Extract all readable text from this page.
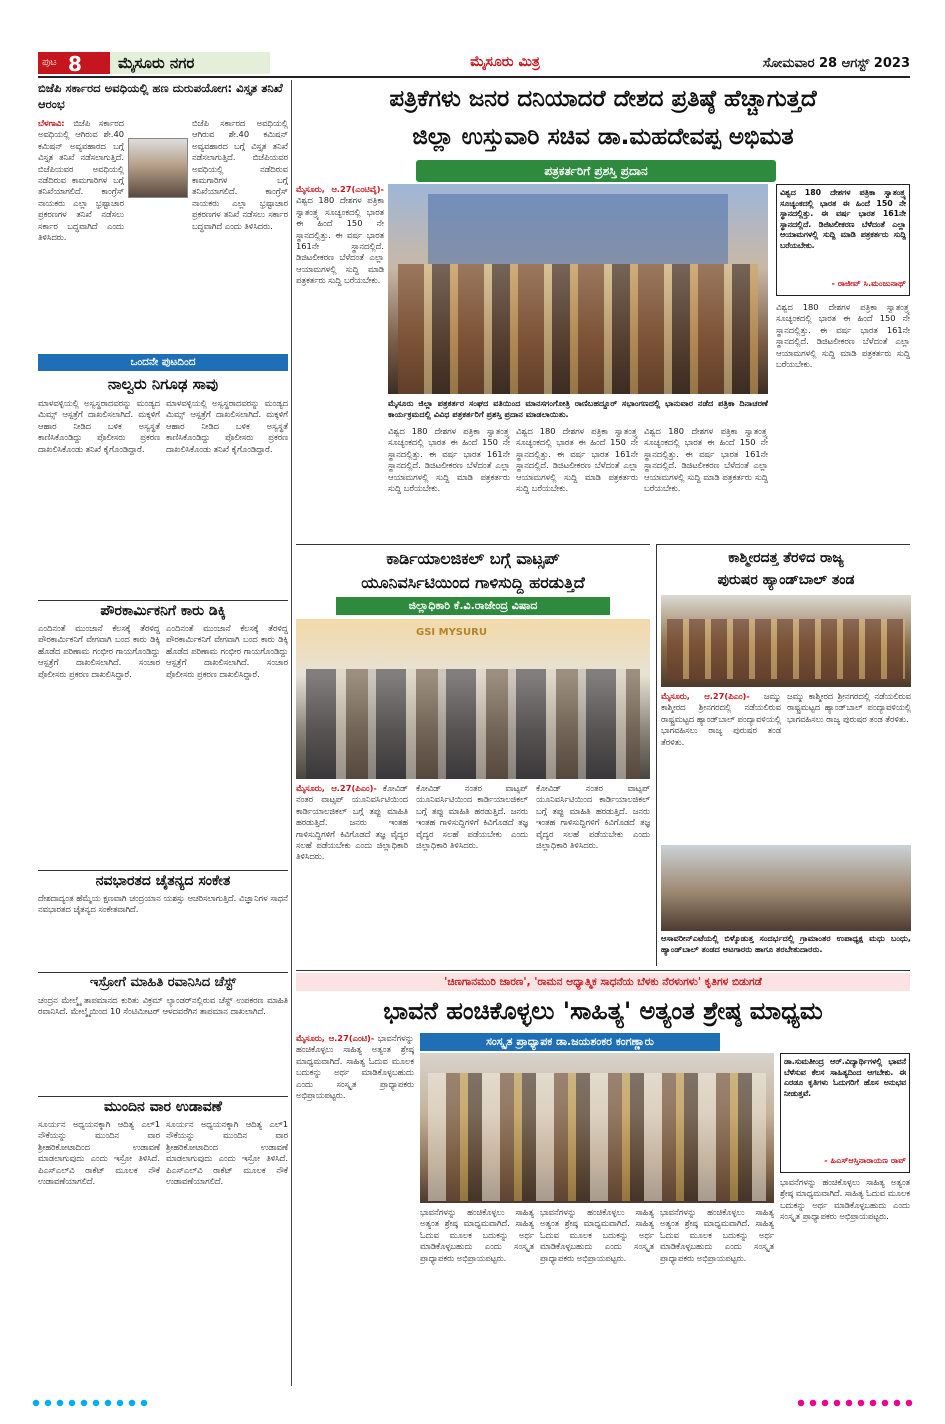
ಪುಟ 8 ಮೈಸೂರು ನಗರ	ಮೈಸೂರು ಮಿತ್ರ	ಸೋಮವಾರ 28 ಆಗಸ್ಟ್ 2023
ಬಿಜೆಪಿ ಸರ್ಕಾರದ ಅವಧಿಯಲ್ಲಿ ಹಣ ದುರುಪಯೋಗ: ವಿಸ್ತೃತ ತನಿಖೆ ಆರಂಭ
ಬೆಳಗಾವಿ: ಬಿಜೆಪಿ ಸರ್ಕಾರದ ಅವಧಿಯಲ್ಲಿ ಆಗಿರುವ ಶೇ.40 ಕಮಿಷನ್ ಅವ್ಯವಹಾರದ ಬಗ್ಗೆ ವಿಸ್ತೃತ ತನಿಖೆ ನಡೆಸಲಾಗುತ್ತಿದೆ. ಬಿಜೆಪಿಯವರ ಅವಧಿಯಲ್ಲಿ ನಡೆದಿರುವ ಕಾಮಗಾರಿಗಳ ಬಗ್ಗೆ ತನಿಖೆಯಾಗಲಿದೆ. ಕಾಂಗ್ರೆಸ್ ನಾಯಕರು ಎಲ್ಲಾ ಭ್ರಷ್ಟಾಚಾರ ಪ್ರಕರಣಗಳ ತನಿಖೆ ನಡೆಸಲು ಸರ್ಕಾರ ಬದ್ಧವಾಗಿದೆ ಎಂದು ತಿಳಿಸಿದರು.
ಬಿಜೆಪಿ ಸರ್ಕಾರದ ಅವಧಿಯಲ್ಲಿ ಆಗಿರುವ ಶೇ.40 ಕಮಿಷನ್ ಅವ್ಯವಹಾರದ ಬಗ್ಗೆ ವಿಸ್ತೃತ ತನಿಖೆ ನಡೆಸಲಾಗುತ್ತಿದೆ. ಬಿಜೆಪಿಯವರ ಅವಧಿಯಲ್ಲಿ ನಡೆದಿರುವ ಕಾಮಗಾರಿಗಳ ಬಗ್ಗೆ ತನಿಖೆಯಾಗಲಿದೆ. ಕಾಂಗ್ರೆಸ್ ನಾಯಕರು ಎಲ್ಲಾ ಭ್ರಷ್ಟಾಚಾರ ಪ್ರಕರಣಗಳ ತನಿಖೆ ನಡೆಸಲು ಸರ್ಕಾರ ಬದ್ಧವಾಗಿದೆ ಎಂದು ತಿಳಿಸಿದರು.
ಒಂದನೇ ಪುಟದಿಂದ
ನಾಲ್ವರು ನಿಗೂಢ ಸಾವು
ಮಾಳವಳ್ಳಿಯಲ್ಲಿ ಅಸ್ವಸ್ಥರಾದವರನ್ನು ಮಂಡ್ಯದ ಮಿಮ್ಸ್ ಆಸ್ಪತ್ರೆಗೆ ದಾಖಲಿಸಲಾಗಿದೆ. ಮಕ್ಕಳಿಗೆ ಆಹಾರ ನೀಡಿದ ಬಳಿಕ ಅಸ್ವಸ್ಥತೆ ಕಾಣಿಸಿಕೊಂಡಿದ್ದು ಪೊಲೀಸರು ಪ್ರಕರಣ ದಾಖಲಿಸಿಕೊಂಡು ತನಿಖೆ ಕೈಗೊಂಡಿದ್ದಾರೆ.
ಮಾಳವಳ್ಳಿಯಲ್ಲಿ ಅಸ್ವಸ್ಥರಾದವರನ್ನು ಮಂಡ್ಯದ ಮಿಮ್ಸ್ ಆಸ್ಪತ್ರೆಗೆ ದಾಖಲಿಸಲಾಗಿದೆ. ಮಕ್ಕಳಿಗೆ ಆಹಾರ ನೀಡಿದ ಬಳಿಕ ಅಸ್ವಸ್ಥತೆ ಕಾಣಿಸಿಕೊಂಡಿದ್ದು ಪೊಲೀಸರು ಪ್ರಕರಣ ದಾಖಲಿಸಿಕೊಂಡು ತನಿಖೆ ಕೈಗೊಂಡಿದ್ದಾರೆ.
ಪೌರಕಾರ್ಮಿಕನಿಗೆ ಕಾರು ಡಿಕ್ಕಿ
ಎಂದಿನಂತೆ ಮುಂಜಾನೆ ಕೆಲಸಕ್ಕೆ ತೆರಳಿದ್ದ ಪೌರಕಾರ್ಮಿಕನಿಗೆ ವೇಗವಾಗಿ ಬಂದ ಕಾರು ಡಿಕ್ಕಿ ಹೊಡೆದ ಪರಿಣಾಮ ಗಂಭೀರ ಗಾಯಗೊಂಡಿದ್ದು ಆಸ್ಪತ್ರೆಗೆ ದಾಖಲಿಸಲಾಗಿದೆ. ಸಂಚಾರ ಪೊಲೀಸರು ಪ್ರಕರಣ ದಾಖಲಿಸಿದ್ದಾರೆ.
ಎಂದಿನಂತೆ ಮುಂಜಾನೆ ಕೆಲಸಕ್ಕೆ ತೆರಳಿದ್ದ ಪೌರಕಾರ್ಮಿಕನಿಗೆ ವೇಗವಾಗಿ ಬಂದ ಕಾರು ಡಿಕ್ಕಿ ಹೊಡೆದ ಪರಿಣಾಮ ಗಂಭೀರ ಗಾಯಗೊಂಡಿದ್ದು ಆಸ್ಪತ್ರೆಗೆ ದಾಖಲಿಸಲಾಗಿದೆ. ಸಂಚಾರ ಪೊಲೀಸರು ಪ್ರಕರಣ ದಾಖಲಿಸಿದ್ದಾರೆ.
ನವಭಾರತದ ಚೈತನ್ಯದ ಸಂಕೇತ
ದೇಶದಾದ್ಯಂತ ಹೆಮ್ಮೆಯ ಕ್ಷಣವಾಗಿ ಚಂದ್ರಯಾನ ಯಶಸ್ಸು ಆಚರಿಸಲಾಗುತ್ತಿದೆ. ವಿಜ್ಞಾನಿಗಳ ಸಾಧನೆ ನವಭಾರತದ ಚೈತನ್ಯದ ಸಂಕೇತವಾಗಿದೆ.
ಇಸ್ರೋಗೆ ಮಾಹಿತಿ ರವಾನಿಸಿದ ಚೆಸ್ಟ್
ಚಂದ್ರನ ಮೇಲ್ಮೈ ತಾಪಮಾನದ ಕುರಿತು ವಿಕ್ರಮ್ ಲ್ಯಾಂಡರ್‌ನಲ್ಲಿರುವ ಚೆಸ್ಟ್ ಉಪಕರಣ ಮಾಹಿತಿ ರವಾನಿಸಿದೆ. ಮೇಲ್ಮೈಯಿಂದ 10 ಸೆಂಟಿಮೀಟರ್ ಆಳದವರೆಗಿನ ತಾಪಮಾನ ದಾಖಲಾಗಿದೆ.
ಮುಂದಿನ ವಾರ ಉಡಾವಣೆ
ಸೂರ್ಯನ ಅಧ್ಯಯನಕ್ಕಾಗಿ ಆದಿತ್ಯ ಎಲ್1 ನೌಕೆಯನ್ನು ಮುಂದಿನ ವಾರ ಶ್ರೀಹರಿಕೋಟಾದಿಂದ ಉಡಾವಣೆ ಮಾಡಲಾಗುವುದು ಎಂದು ಇಸ್ರೋ ತಿಳಿಸಿದೆ. ಪಿಎಸ್ಎಲ್‌ವಿ ರಾಕೆಟ್ ಮೂಲಕ ನೌಕೆ ಉಡಾವಣೆಯಾಗಲಿದೆ.
ಸೂರ್ಯನ ಅಧ್ಯಯನಕ್ಕಾಗಿ ಆದಿತ್ಯ ಎಲ್1 ನೌಕೆಯನ್ನು ಮುಂದಿನ ವಾರ ಶ್ರೀಹರಿಕೋಟಾದಿಂದ ಉಡಾವಣೆ ಮಾಡಲಾಗುವುದು ಎಂದು ಇಸ್ರೋ ತಿಳಿಸಿದೆ. ಪಿಎಸ್ಎಲ್‌ವಿ ರಾಕೆಟ್ ಮೂಲಕ ನೌಕೆ ಉಡಾವಣೆಯಾಗಲಿದೆ.
ಪತ್ರಿಕೆಗಳು ಜನರ ದನಿಯಾದರೆ ದೇಶದ ಪ್ರತಿಷ್ಠೆ ಹೆಚ್ಚಾಗುತ್ತದೆ
ಜಿಲ್ಲಾ ಉಸ್ತುವಾರಿ ಸಚಿವ ಡಾ.ಮಹದೇವಪ್ಪ ಅಭಿಮತ
ಪತ್ರಕರ್ತರಿಗೆ ಪ್ರಶಸ್ತಿ ಪ್ರದಾನ
ವಿಶ್ವದ 180 ದೇಶಗಳ ಪತ್ರಿಕಾ ಸ್ವಾತಂತ್ರ್ಯ ಸೂಚ್ಯಂಕದಲ್ಲಿ ಭಾರತ ಈ ಹಿಂದೆ 150 ನೇ ಸ್ಥಾನದಲ್ಲಿತ್ತು. ಈ ವರ್ಷ ಭಾರತ 161ನೇ ಸ್ಥಾನದಲ್ಲಿದೆ. ಡಿಜಿಟಲೀಕರಣ ಬೆಳೆದಂತೆ ಎಲ್ಲಾ ಆಯಾಮಗಳಲ್ಲಿ ಸುದ್ದಿ ಮಾಡಿ ಪತ್ರಕರ್ತರು ಸುದ್ದಿ ಬರೆಯಬೇಕು.
- ರಾಜೀವ್ ಸಿ.ಮಂಜುನಾಥ್
ಮೈಸೂರು, ಆ.27(ಎಂಟಿವೈ)- ವಿಶ್ವದ 180 ದೇಶಗಳ ಪತ್ರಿಕಾ ಸ್ವಾತಂತ್ರ್ಯ ಸೂಚ್ಯಂಕದಲ್ಲಿ ಭಾರತ ಈ ಹಿಂದೆ 150 ನೇ ಸ್ಥಾನದಲ್ಲಿತ್ತು. ಈ ವರ್ಷ ಭಾರತ 161ನೇ ಸ್ಥಾನದಲ್ಲಿದೆ. ಡಿಜಿಟಲೀಕರಣ ಬೆಳೆದಂತೆ ಎಲ್ಲಾ ಆಯಾಮಗಳಲ್ಲಿ ಸುದ್ದಿ ಮಾಡಿ ಪತ್ರಕರ್ತರು ಸುದ್ದಿ ಬರೆಯಬೇಕು.
ಮೈಸೂರು ಜಿಲ್ಲಾ ಪತ್ರಕರ್ತರ ಸಂಘದ ವತಿಯಿಂದ ಮಾನಸಗಂಗೋತ್ರಿ ರಾಣಿಬಹದ್ದೂರ್ ಸಭಾಂಗಣದಲ್ಲಿ ಭಾನುವಾರ ನಡೆದ ಪತ್ರಿಕಾ ದಿನಾಚರಣೆ ಕಾರ್ಯಕ್ರಮದಲ್ಲಿ ವಿವಿಧ ಪತ್ರಕರ್ತರಿಗೆ ಪ್ರಶಸ್ತಿ ಪ್ರದಾನ ಮಾಡಲಾಯಿತು.
ವಿಶ್ವದ 180 ದೇಶಗಳ ಪತ್ರಿಕಾ ಸ್ವಾತಂತ್ರ್ಯ ಸೂಚ್ಯಂಕದಲ್ಲಿ ಭಾರತ ಈ ಹಿಂದೆ 150 ನೇ ಸ್ಥಾನದಲ್ಲಿತ್ತು. ಈ ವರ್ಷ ಭಾರತ 161ನೇ ಸ್ಥಾನದಲ್ಲಿದೆ. ಡಿಜಿಟಲೀಕರಣ ಬೆಳೆದಂತೆ ಎಲ್ಲಾ ಆಯಾಮಗಳಲ್ಲಿ ಸುದ್ದಿ ಮಾಡಿ ಪತ್ರಕರ್ತರು ಸುದ್ದಿ ಬರೆಯಬೇಕು.
ವಿಶ್ವದ 180 ದೇಶಗಳ ಪತ್ರಿಕಾ ಸ್ವಾತಂತ್ರ್ಯ ಸೂಚ್ಯಂಕದಲ್ಲಿ ಭಾರತ ಈ ಹಿಂದೆ 150 ನೇ ಸ್ಥಾನದಲ್ಲಿತ್ತು. ಈ ವರ್ಷ ಭಾರತ 161ನೇ ಸ್ಥಾನದಲ್ಲಿದೆ. ಡಿಜಿಟಲೀಕರಣ ಬೆಳೆದಂತೆ ಎಲ್ಲಾ ಆಯಾಮಗಳಲ್ಲಿ ಸುದ್ದಿ ಮಾಡಿ ಪತ್ರಕರ್ತರು ಸುದ್ದಿ ಬರೆಯಬೇಕು.
ವಿಶ್ವದ 180 ದೇಶಗಳ ಪತ್ರಿಕಾ ಸ್ವಾತಂತ್ರ್ಯ ಸೂಚ್ಯಂಕದಲ್ಲಿ ಭಾರತ ಈ ಹಿಂದೆ 150 ನೇ ಸ್ಥಾನದಲ್ಲಿತ್ತು. ಈ ವರ್ಷ ಭಾರತ 161ನೇ ಸ್ಥಾನದಲ್ಲಿದೆ. ಡಿಜಿಟಲೀಕರಣ ಬೆಳೆದಂತೆ ಎಲ್ಲಾ ಆಯಾಮಗಳಲ್ಲಿ ಸುದ್ದಿ ಮಾಡಿ ಪತ್ರಕರ್ತರು ಸುದ್ದಿ ಬರೆಯಬೇಕು.
ವಿಶ್ವದ 180 ದೇಶಗಳ ಪತ್ರಿಕಾ ಸ್ವಾತಂತ್ರ್ಯ ಸೂಚ್ಯಂಕದಲ್ಲಿ ಭಾರತ ಈ ಹಿಂದೆ 150 ನೇ ಸ್ಥಾನದಲ್ಲಿತ್ತು. ಈ ವರ್ಷ ಭಾರತ 161ನೇ ಸ್ಥಾನದಲ್ಲಿದೆ. ಡಿಜಿಟಲೀಕರಣ ಬೆಳೆದಂತೆ ಎಲ್ಲಾ ಆಯಾಮಗಳಲ್ಲಿ ಸುದ್ದಿ ಮಾಡಿ ಪತ್ರಕರ್ತರು ಸುದ್ದಿ ಬರೆಯಬೇಕು.
ಕಾರ್ಡಿಯಾಲಜಿಕಲ್ ಬಗ್ಗೆ ವಾಟ್ಸಪ್
ಯೂನಿವರ್ಸಿಟಿಯಿಂದ ಗಾಳಿಸುದ್ದಿ ಹರಡುತ್ತಿದೆ
ಜಿಲ್ಲಾಧಿಕಾರಿ ಕೆ.ವಿ.ರಾಜೇಂದ್ರ ವಿಷಾದ
GSI MYSURU
ಮೈಸೂರು, ಆ.27(ಪಿಎಂ)- ಕೋವಿಡ್ ನಂತರ ವಾಟ್ಸಪ್ ಯೂನಿವರ್ಸಿಟಿಯಿಂದ ಕಾರ್ಡಿಯಾಲಜಿಕಲ್ ಬಗ್ಗೆ ತಪ್ಪು ಮಾಹಿತಿ ಹರಡುತ್ತಿದೆ. ಜನರು ಇಂತಹ ಗಾಳಿಸುದ್ದಿಗಳಿಗೆ ಕಿವಿಗೊಡದೆ ತಜ್ಞ ವೈದ್ಯರ ಸಲಹೆ ಪಡೆಯಬೇಕು ಎಂದು ಜಿಲ್ಲಾಧಿಕಾರಿ ತಿಳಿಸಿದರು.
ಕೋವಿಡ್ ನಂತರ ವಾಟ್ಸಪ್ ಯೂನಿವರ್ಸಿಟಿಯಿಂದ ಕಾರ್ಡಿಯಾಲಜಿಕಲ್ ಬಗ್ಗೆ ತಪ್ಪು ಮಾಹಿತಿ ಹರಡುತ್ತಿದೆ. ಜನರು ಇಂತಹ ಗಾಳಿಸುದ್ದಿಗಳಿಗೆ ಕಿವಿಗೊಡದೆ ತಜ್ಞ ವೈದ್ಯರ ಸಲಹೆ ಪಡೆಯಬೇಕು ಎಂದು ಜಿಲ್ಲಾಧಿಕಾರಿ ತಿಳಿಸಿದರು.
ಕೋವಿಡ್ ನಂತರ ವಾಟ್ಸಪ್ ಯೂನಿವರ್ಸಿಟಿಯಿಂದ ಕಾರ್ಡಿಯಾಲಜಿಕಲ್ ಬಗ್ಗೆ ತಪ್ಪು ಮಾಹಿತಿ ಹರಡುತ್ತಿದೆ. ಜನರು ಇಂತಹ ಗಾಳಿಸುದ್ದಿಗಳಿಗೆ ಕಿವಿಗೊಡದೆ ತಜ್ಞ ವೈದ್ಯರ ಸಲಹೆ ಪಡೆಯಬೇಕು ಎಂದು ಜಿಲ್ಲಾಧಿಕಾರಿ ತಿಳಿಸಿದರು.
ಕಾಶ್ಮೀರದತ್ತ ತೆರಳಿದ ರಾಜ್ಯ
ಪುರುಷರ ಹ್ಯಾಂಡ್‌ಬಾಲ್ ತಂಡ
ಮೈಸೂರು, ಆ.27(ಪಿಎಂ)- ಜಮ್ಮು ಕಾಶ್ಮೀರದ ಶ್ರೀನಗರದಲ್ಲಿ ನಡೆಯಲಿರುವ ರಾಷ್ಟ್ರಮಟ್ಟದ ಹ್ಯಾಂಡ್‌ಬಾಲ್ ಪಂದ್ಯಾವಳಿಯಲ್ಲಿ ಭಾಗವಹಿಸಲು ರಾಜ್ಯ ಪುರುಷರ ತಂಡ ತೆರಳಿತು.
ಜಮ್ಮು ಕಾಶ್ಮೀರದ ಶ್ರೀನಗರದಲ್ಲಿ ನಡೆಯಲಿರುವ ರಾಷ್ಟ್ರಮಟ್ಟದ ಹ್ಯಾಂಡ್‌ಬಾಲ್ ಪಂದ್ಯಾವಳಿಯಲ್ಲಿ ಭಾಗವಹಿಸಲು ರಾಜ್ಯ ಪುರುಷರ ತಂಡ ತೆರಳಿತು.
ಆಸಾವರೀನ್‌ಎಟೆಯಲ್ಲಿ ಬಿಳ್ಕೊಡುತ್ತ ಸಂದರ್ಭದಲ್ಲಿ ಗ್ರಾಮಾಂತರ ಉಪಾಧ್ಯಕ್ಷ ಮಧು ಬಂಧು, ಹ್ಯಾಂಡ್‌ಬಾಲ್ ತಂಡದ ಆಟಗಾರರು ಹಾಗೂ ತರಬೇತುದಾರರು.
'ಚಿಣಗಾನಮುರಿ ಜಾರಣ', 'ರಾಮನ ಆಧ್ಯಾತ್ಮಿಕ ಸಾಧನೆಯ ಬೆಳಕು ನೆರಳುಗಳು' ಕೃತಿಗಳ ಬಿಡುಗಡೆ
ಭಾವನೆ ಹಂಚಿಕೊಳ್ಳಲು 'ಸಾಹಿತ್ಯ' ಅತ್ಯಂತ ಶ್ರೇಷ್ಠ ಮಾಧ್ಯಮ
ಸಂಸ್ಕೃತ ಪ್ರಾಧ್ಯಾಪಕ ಡಾ.ಜಯಶಂಕರ ಕಂಗಣ್ಣಾರು
ಮೈಸೂರು, ಆ.27(ಎಂಟಿ)- ಭಾವನೆಗಳನ್ನು ಹಂಚಿಕೊಳ್ಳಲು ಸಾಹಿತ್ಯ ಅತ್ಯಂತ ಶ್ರೇಷ್ಠ ಮಾಧ್ಯಮವಾಗಿದೆ. ಸಾಹಿತ್ಯ ಓದುವ ಮೂಲಕ ಬದುಕನ್ನು ಅರ್ಥ ಮಾಡಿಕೊಳ್ಳಬಹುದು ಎಂದು ಸಂಸ್ಕೃತ ಪ್ರಾಧ್ಯಾಪಕರು ಅಭಿಪ್ರಾಯಪಟ್ಟರು.
ಡಾ.ಸುಮತೀಂದ್ರ ಆರ್.ವಿದ್ಯಾರ್ಥಿಗಳಲ್ಲಿ ಭಾವನೆ ಬೆಳೆಸುವ ಕೆಲಸ ಸಾಹಿತ್ಯದಿಂದ ಆಗಬೇಕು. ಈ ಎರಡೂ ಕೃತಿಗಳು ಓದುಗರಿಗೆ ಹೊಸ ಅನುಭವ ನೀಡುತ್ತವೆ.
- ಹಿಎಸ್‌ಆಸ್ತಿನಾರಾಯಣ ರಾವ್
ಭಾವನೆಗಳನ್ನು ಹಂಚಿಕೊಳ್ಳಲು ಸಾಹಿತ್ಯ ಅತ್ಯಂತ ಶ್ರೇಷ್ಠ ಮಾಧ್ಯಮವಾಗಿದೆ. ಸಾಹಿತ್ಯ ಓದುವ ಮೂಲಕ ಬದುಕನ್ನು ಅರ್ಥ ಮಾಡಿಕೊಳ್ಳಬಹುದು ಎಂದು ಸಂಸ್ಕೃತ ಪ್ರಾಧ್ಯಾಪಕರು ಅಭಿಪ್ರಾಯಪಟ್ಟರು.
ಭಾವನೆಗಳನ್ನು ಹಂಚಿಕೊಳ್ಳಲು ಸಾಹಿತ್ಯ ಅತ್ಯಂತ ಶ್ರೇಷ್ಠ ಮಾಧ್ಯಮವಾಗಿದೆ. ಸಾಹಿತ್ಯ ಓದುವ ಮೂಲಕ ಬದುಕನ್ನು ಅರ್ಥ ಮಾಡಿಕೊಳ್ಳಬಹುದು ಎಂದು ಸಂಸ್ಕೃತ ಪ್ರಾಧ್ಯಾಪಕರು ಅಭಿಪ್ರಾಯಪಟ್ಟರು.
ಭಾವನೆಗಳನ್ನು ಹಂಚಿಕೊಳ್ಳಲು ಸಾಹಿತ್ಯ ಅತ್ಯಂತ ಶ್ರೇಷ್ಠ ಮಾಧ್ಯಮವಾಗಿದೆ. ಸಾಹಿತ್ಯ ಓದುವ ಮೂಲಕ ಬದುಕನ್ನು ಅರ್ಥ ಮಾಡಿಕೊಳ್ಳಬಹುದು ಎಂದು ಸಂಸ್ಕೃತ ಪ್ರಾಧ್ಯಾಪಕರು ಅಭಿಪ್ರಾಯಪಟ್ಟರು.
ಭಾವನೆಗಳನ್ನು ಹಂಚಿಕೊಳ್ಳಲು ಸಾಹಿತ್ಯ ಅತ್ಯಂತ ಶ್ರೇಷ್ಠ ಮಾಧ್ಯಮವಾಗಿದೆ. ಸಾಹಿತ್ಯ ಓದುವ ಮೂಲಕ ಬದುಕನ್ನು ಅರ್ಥ ಮಾಡಿಕೊಳ್ಳಬಹುದು ಎಂದು ಸಂಸ್ಕೃತ ಪ್ರಾಧ್ಯಾಪಕರು ಅಭಿಪ್ರಾಯಪಟ್ಟರು.
